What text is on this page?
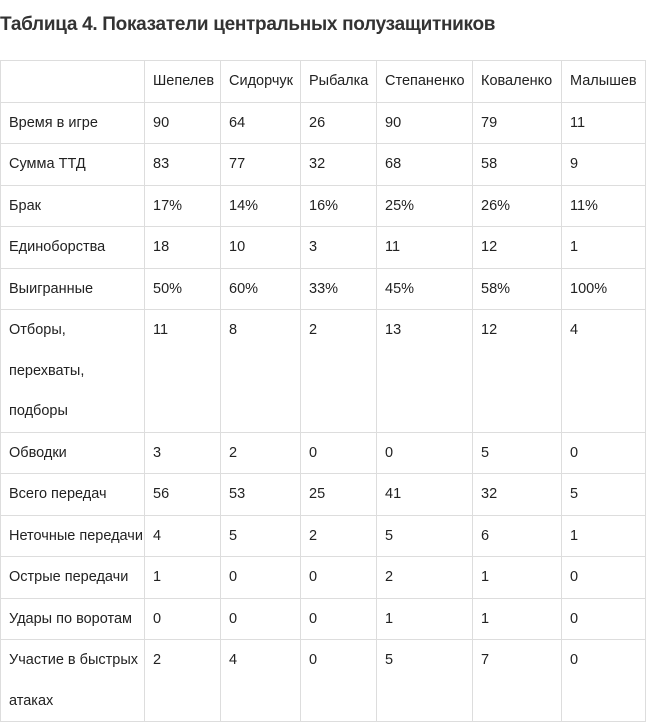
Таблица 4. Показатели центральных полузащитников
	Шепелев	Сидорчук	Рыбалка	Степаненко	Коваленко	Малышев
Время в игре	90	64	26	90	79	11
Сумма ТТД	83	77	32	68	58	9
Брак	17%	14%	16%	25%	26%	11%
Единоборства	18	10	3	11	12	1
Выигранные	50%	60%	33%	45%	58%	100%
Отборы, перехваты, подборы	11	8	2	13	12	4
Обводки	3	2	0	0	5	0
Всего передач	56	53	25	41	32	5
Неточные передачи	4	5	2	5	6	1
Острые передачи	1	0	0	2	1	0
Удары по воротам	0	0	0	1	1	0
Участие в быстрых атаках	2	4	0	5	7	0
